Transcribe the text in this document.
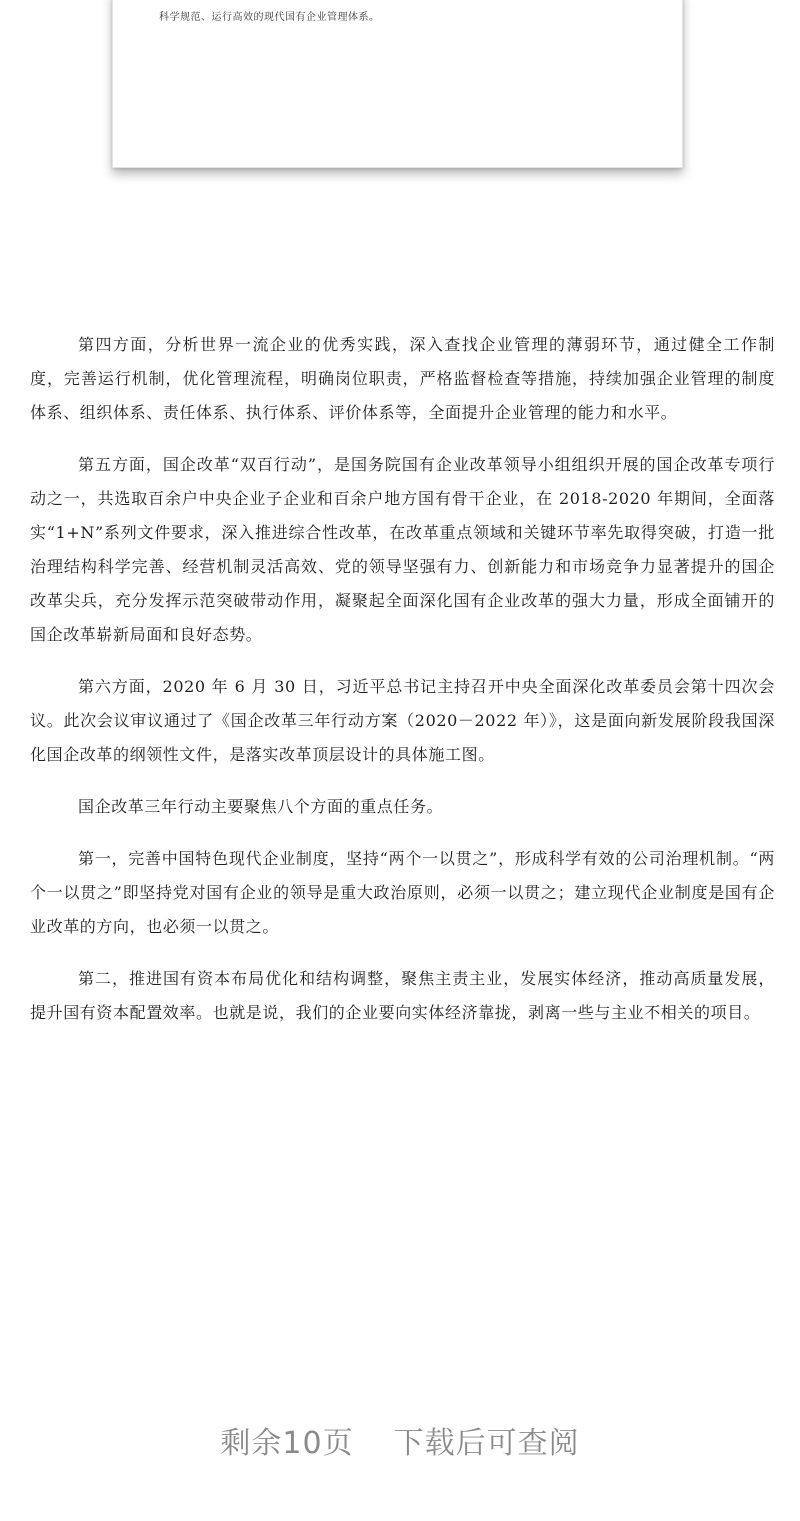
科学规范、运行高效的现代国有企业管理体系。

第四方面，分析世界一流企业的优秀实践，深入查找企业管理的薄弱环节，通过健全工作制度，完善运行机制，优化管理流程，明确岗位职责，严格监督检查等措施，持续加强企业管理的制度体系、组织体系、责任体系、执行体系、评价体系等，全面提升企业管理的能力和水平。

第五方面，国企改革“双百行动”，是国务院国有企业改革领导小组组织开展的国企改革专项行动之一，共选取百余户中央企业子企业和百余户地方国有骨干企业，在 2018-2020 年期间，全面落实“1+N”系列文件要求，深入推进综合性改革，在改革重点领域和关键环节率先取得突破，打造一批治理结构科学完善、经营机制灵活高效、党的领导坚强有力、创新能力和市场竞争力显著提升的国企改革尖兵，充分发挥示范突破带动作用，凝聚起全面深化国有企业改革的强大力量，形成全面铺开的国企改革崭新局面和良好态势。

第六方面，2020 年 6 月 30 日，习近平总书记主持召开中央全面深化改革委员会第十四次会议。此次会议审议通过了《国企改革三年行动方案（2020－2022 年）》，这是面向新发展阶段我国深化国企改革的纲领性文件，是落实改革顶层设计的具体施工图。

国企改革三年行动主要聚焦八个方面的重点任务。

第一，完善中国特色现代企业制度，坚持“两个一以贯之”，形成科学有效的公司治理机制。“两个一以贯之”即坚持党对国有企业的领导是重大政治原则，必须一以贯之；建立现代企业制度是国有企业改革的方向，也必须一以贯之。

第二，推进国有资本布局优化和结构调整，聚焦主责主业，发展实体经济，推动高质量发展，提升国有资本配置效率。也就是说，我们的企业要向实体经济靠拢，剥离一些与主业不相关的项目。

剩余10页 下载后可查阅
